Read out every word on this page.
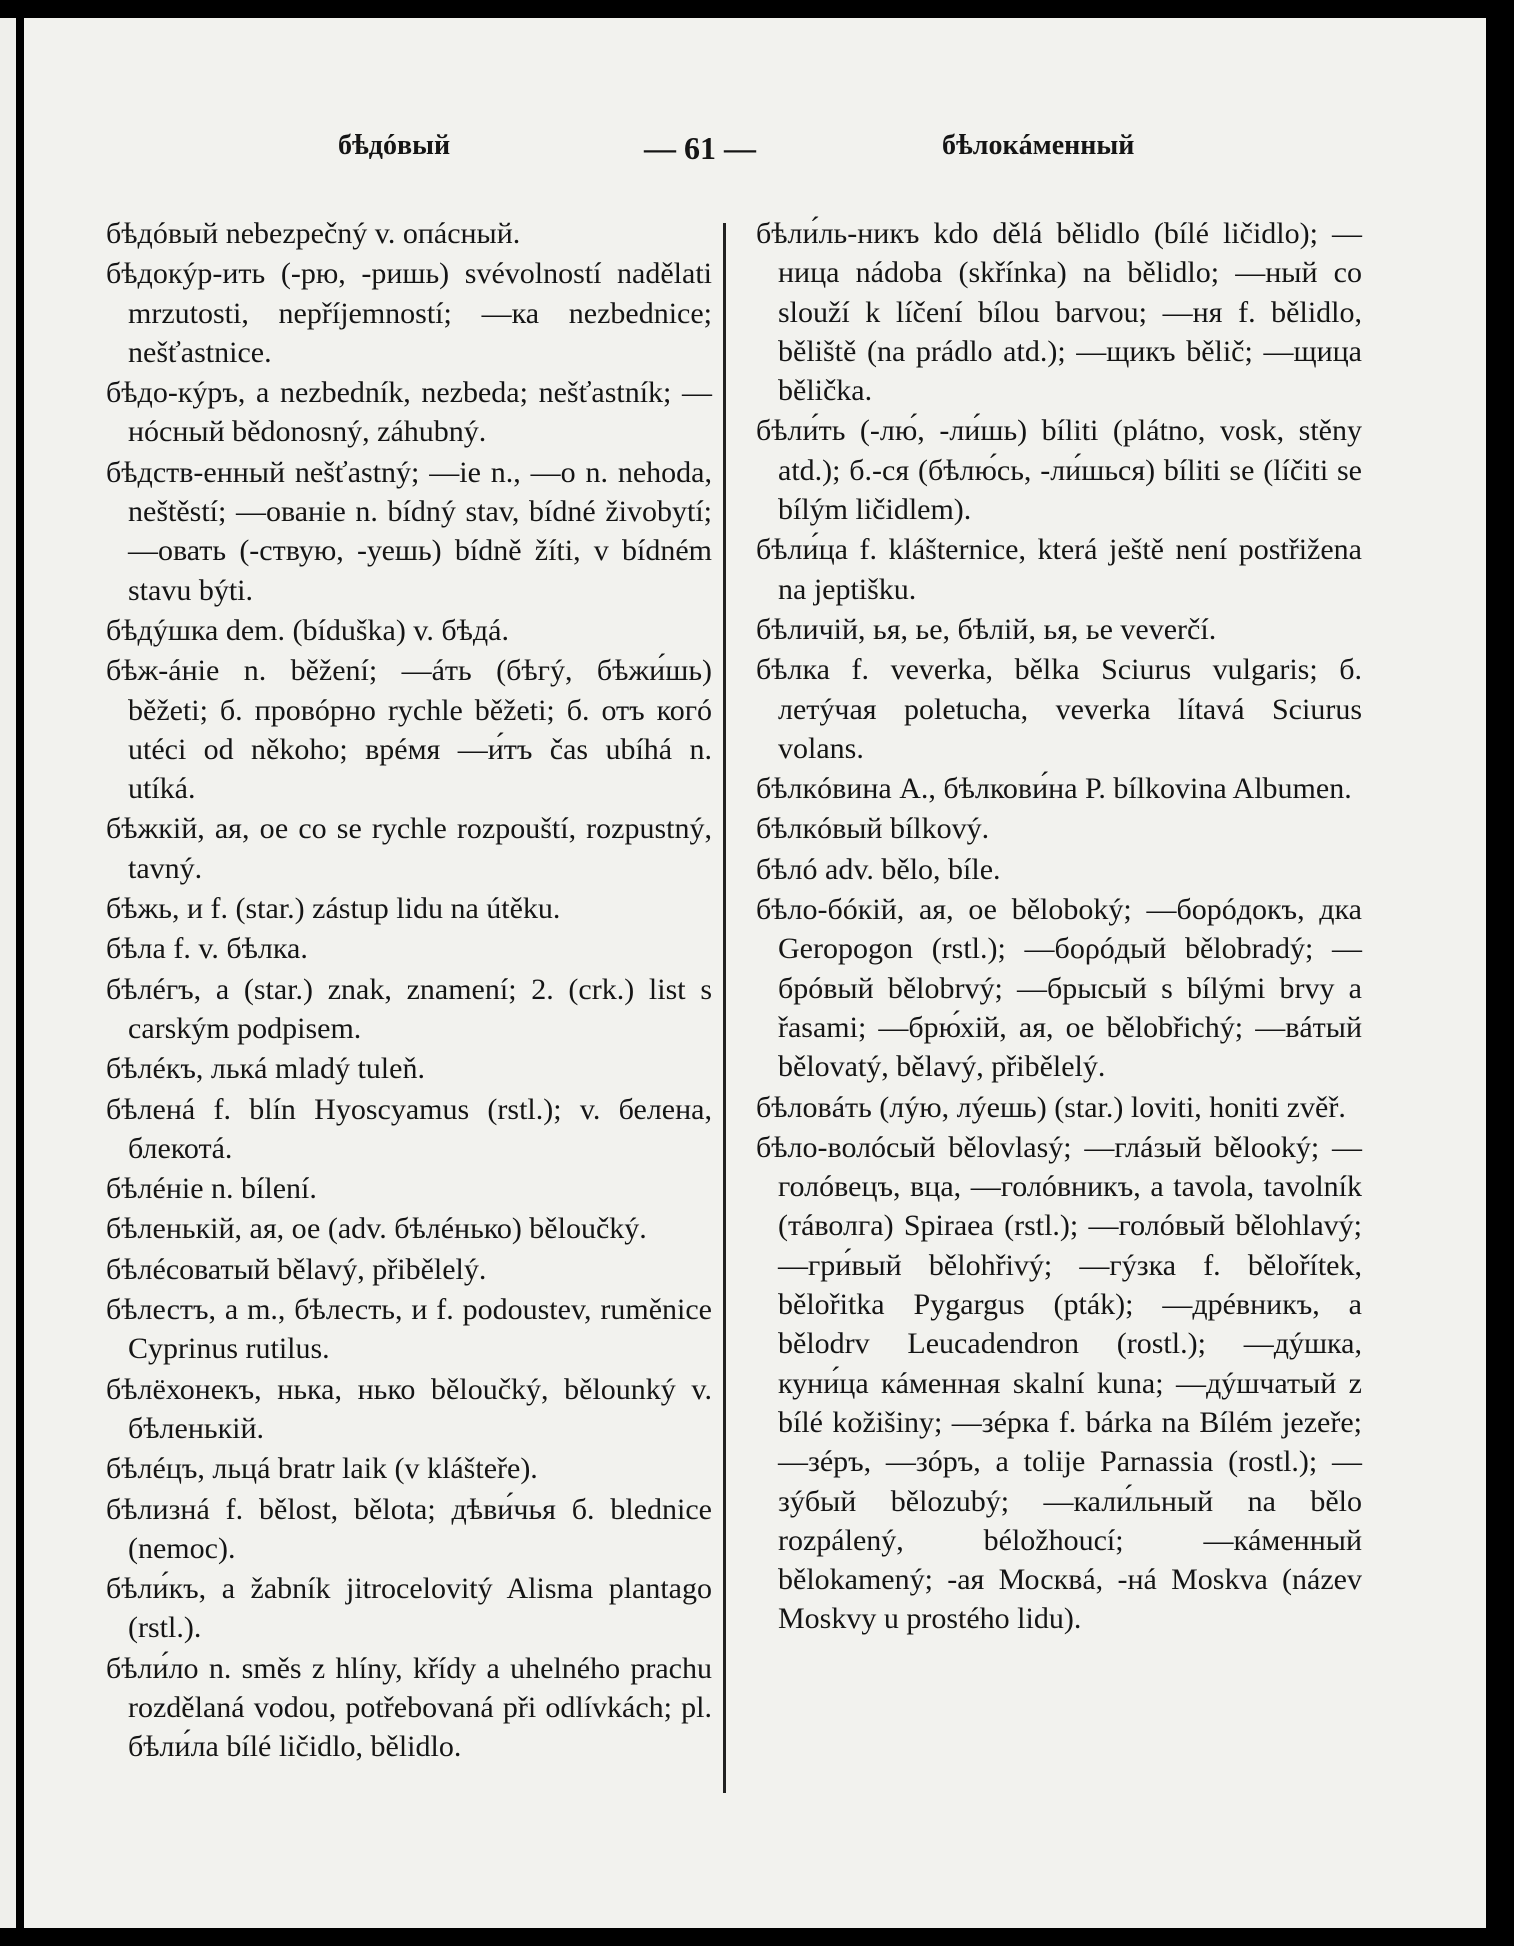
бѣдóвый	— 61 —	бѣлокáменный

бѣдóвый nebezpečný v. опáсный.

бѣдокýр-ить (-рю, -ришь) svévolností nadělati mrzutosti, nepříjemností; —ка nezbednice; nešťastnice.

бѣдо-кýръ, а nezbedník, nezbeda; nešťastník; —нóсный bědonosný, záhubný.

бѣдств-енный nešťastný; —іе n., —о n. nehoda, neštěstí; —ованіе n. bídný stav, bídné živobytí; —овать (-ствую, -уешь) bídně žíti, v bídném stavu býti.

бѣдýшка dem. (bíduška) v. бѣдá.

бѣж-áніе n. běžení; —áть (бѣгý, бѣжи́шь) běžeti; б. провóрно rychle běžeti; б. отъ когó utéci od někoho; врéмя —и́тъ čas ubíhá n. utíká.

бѣжкій, ая, ое co se rychle rozpouští, rozpustný, tavný.

бѣжь, и f. (star.) zástup lidu na útěku.

бѣла f. v. бѣлка.

бѣлéгъ, а (star.) znak, znamení; 2. (crk.) list s carským podpisem.

бѣлéкъ, лькá mladý tuleň.

бѣленá f. blín Hyoscyamus (rstl.); v. белена, блекотá.

бѣлéніе n. bílení.

бѣленькій, ая, ое (adv. бѣлéнько) běloučký.

бѣлéсоватый bělavý, přibělelý.

бѣлестъ, а m., бѣлесть, и f. podoustev, ruměnice Cyprinus rutilus.

бѣлёхонекъ, нька, нько běloučký, bělounký v. бѣленькій.

бѣлéцъ, льцá bratr laik (v klášteře).

бѣлизнá f. bělost, bělota; дѣви́чья б. blednice (nemoc).

бѣли́къ, а žabník jitrocelovitý Alisma plantago (rstl.).

бѣли́ло n. směs z hlíny, křídy a uhelného prachu rozdělaná vodou, potřebovaná při odlívkách; pl. бѣли́ла bílé ličidlo, bělidlo.

бѣли́ль-никъ kdo dělá bělidlo (bílé ličidlo); —ница nádoba (skřínka) na bělidlo; —ный co slouží k líčení bílou barvou; —ня f. bělidlo, běliště (na prádlo atd.); —щикъ bělič; —щица bělička.

бѣли́ть (-лю́, -ли́шь) bíliti (plátno, vosk, stěny atd.); б.-ся (бѣлю́сь, -ли́шься) bíliti se (líčiti se bílým ličidlem).

бѣли́ца f. klášternice, která ještě není postřižena na jeptišku.

бѣличій, ья, ье, бѣлій, ья, ье veverčí.

бѣлка f. veverka, bělka Sciurus vulgaris; б. летýчая poletucha, veverka lítavá Sciurus volans.

бѣлкóвина A., бѣлкови́на P. bílkovina Albumen.

бѣлкóвый bílkový.

бѣлó adv. bělo, bíle.

бѣло-бóкій, ая, ое běloboký; —борóдокъ, дка Geropogon (rstl.); —бορóдый bělobradý; —брóвый bělobrvý; —брысый s bílými brvy a řasami; —брю́хій, ая, ое bělobřichý; —вáтый bělovatý, bělavý, přibělelý.

бѣловáть (лýю, лýешь) (star.) loviti, honiti zvěř.

бѣло-волóсый bělovlasý; —глáзый bělooký; —голóвецъ, вца, —голóвникъ, а tavola, tavolník (тáволга) Spiraea (rstl.); —голóвый bělohlavý; —гри́вый bělohřivý; —гýзка f. bělořítek, bělořitka Pygargus (pták); —дрéвникъ, а bělodrv Leucadendron (rostl.); —дýшка, куни́ца кáменная skalní kuna; —дýшчатый z bílé kožišiny; —зéрка f. bárka na Bílém jezeře; —зéръ, —зóръ, а tolije Parnassia (rostl.); —зýбый bělozubý; —кали́льный na bělo rozpálený, béložhoucí; —кáменный bělokamený; -ая Москвá, -нá Moskva (název Moskvy u prostého lidu).
